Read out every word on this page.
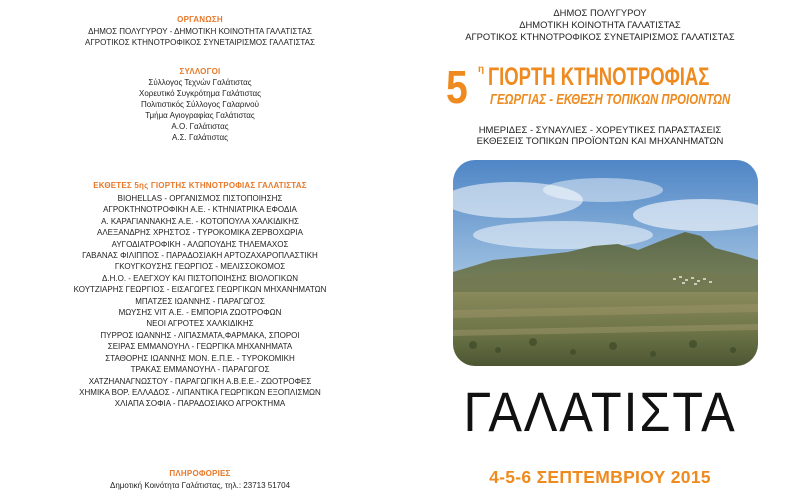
ΟΡΓΑΝΩΣΗ
ΔΗΜΟΣ ΠΟΛΥΓΥΡΟΥ - ΔΗΜΟΤΙΚΗ ΚΟΙΝΟΤΗΤΑ ΓΑΛΑΤΙΣΤΑΣ
ΑΓΡΟΤΙΚΟΣ ΚΤΗΝΟΤΡΟΦΙΚΟΣ ΣΥΝΕΤΑΙΡΙΣΜΟΣ ΓΑΛΑΤΙΣΤΑΣ
ΣΥΛΛΟΓΟΙ
Σύλλογος Τεχνών Γαλάτιστας
Χορευτικό Συγκρότημα Γαλάτιστας
Πολιτιστικός Σύλλογος Γαλαρινού
Τμήμα Αγιογραφίας Γαλάτιστας
Α.Ο. Γαλάτιστας
Α.Σ. Γαλάτιστας
ΕΚΘΕΤΕΣ 5ης ΓΙΟΡΤΗΣ ΚΤΗΝΟΤΡΟΦΙΑΣ ΓΑΛΑΤΙΣΤΑΣ
BIOHELLAS - ΟΡΓΑΝΙΣΜΟΣ ΠΙΣΤΟΠΟΙΗΣΗΣ
ΑΓΡΟΚΤΗΝΟΤΡΟΦΙΚΗ Α.Ε. - ΚΤΗΝΙΑΤΡΙΚΑ ΕΦΟΔΙΑ
Α. ΚΑΡΑΓΙΑΝΝΑΚΗΣ Α.Ε. - ΚΟΤΟΠΟΥΛΑ ΧΑΛΚΙΔΙΚΗΣ
ΑΛΕΞΑΝΔΡΗΣ ΧΡΗΣΤΟΣ - ΤΥΡΟΚΟΜΙΚΑ ΖΕΡΒΟΧΩΡΙΑ
ΑΥΓΟΔΙΑΤΡΟΦΙΚΗ - ΑΛΩΠΟΥΔΗΣ ΤΗΛΕΜΑΧΟΣ
ΓΑΒΑΝΑΣ ΦΙΛΙΠΠΟΣ - ΠΑΡΑΔΟΣΙΑΚΗ ΑΡΤΟΖΑΧΑΡΟΠΛΑΣΤΙΚΗ
ΓΚΟΥΓΚΟΥΣΗΣ ΓΕΩΡΓΙΟΣ - ΜΕΛΙΣΣΟΚΟΜΟΣ
Δ.Η.Ο. - ΕΛΕΓΧΟΥ ΚΑΙ ΠΙΣΤΟΠΟΙΗΣΗΣ ΒΙΟΛΟΓΙΚΩΝ
ΚΟΥΤΖΙΑΡΗΣ ΓΕΩΡΓΙΟΣ - ΕΙΣΑΓΩΓΕΣ ΓΕΩΡΓΙΚΩΝ ΜΗΧΑΝΗΜΑΤΩΝ
ΜΠΑΤΖΕΣ ΙΩΑΝΝΗΣ - ΠΑΡΑΓΩΓΟΣ
ΜΩΥΣΗΣ VIT Α.Ε. - ΕΜΠΟΡΙΑ ΖΩΟΤΡΟΦΩΝ
ΝΕΟΙ ΑΓΡΟΤΕΣ ΧΑΛΚΙΔΙΚΗΣ
ΠΥΡΡΟΣ ΙΩΑΝΝΗΣ - ΛΙΠΑΣΜΑΤΑ,ΦΑΡΜΑΚΑ, ΣΠΟΡΟΙ
ΣΕΙΡΑΣ ΕΜΜΑΝΟΥΗΛ - ΓΕΩΡΓΙΚΑ ΜΗΧΑΝΗΜΑΤΑ
ΣΤΑΘΟΡΗΣ ΙΩΑΝΝΗΣ ΜΟΝ. Ε.Π.Ε. - ΤΥΡΟΚΟΜΙΚΗ
ΤΡΑΚΑΣ ΕΜΜΑΝΟΥΗΛ - ΠΑΡΑΓΩΓΟΣ
ΧΑΤΖΗΑΝΑΓΝΩΣΤΟΥ - ΠΑΡΑΓΩΓΙΚΗ Α.Β.Ε.Ε.- ΖΩΟΤΡΟΦΕΣ
ΧΗΜΙΚΑ ΒΟΡ. ΕΛΛΑΔΟΣ - ΛΙΠΑΝΤΙΚΑ ΓΕΩΡΓΙΚΩΝ ΕΞΟΠΛΙΣΜΩΝ
ΧΛΙΑΠΑ ΣΟΦΙΑ - ΠΑΡΑΔΟΣΙΑΚΟ ΑΓΡΟΚΤΗΜΑ
ΠΛΗΡΟΦΟΡΙΕΣ
Δημοτική Κοινότητα Γαλάτιστας, τηλ.: 23713 51704
ΔΗΜΟΣ ΠΟΛΥΓΥΡΟΥ
ΔΗΜΟΤΙΚΗ ΚΟΙΝΟΤΗΤΑ ΓΑΛΑΤΙΣΤΑΣ
ΑΓΡΟΤΙΚΟΣ ΚΤΗΝΟΤΡΟΦΙΚΟΣ ΣΥΝΕΤΑΙΡΙΣΜΟΣ ΓΑΛΑΤΙΣΤΑΣ
5 η ΓΙΟΡΤΗ ΚΤΗΝΟΤΡΟΦΙΑΣ
ΓΕΩΡΓΙΑΣ - ΕΚΘΕΣΗ ΤΟΠΙΚΩΝ ΠΡΟΙΟΝΤΩΝ
ΗΜΕΡΙΔΕΣ - ΣΥΝΑΥΛΙΕΣ - ΧΟΡΕΥΤΙΚΕΣ ΠΑΡΑΣΤΑΣΕΙΣ
ΕΚΘΕΣΕΙΣ ΤΟΠΙΚΩΝ ΠΡΟΪΟΝΤΩΝ ΚΑΙ ΜΗΧΑΝΗΜΑΤΩΝ
ΓΑΛΑΤΙΣΤΑ
4-5-6 ΣΕΠΤΕΜΒΡΙΟΥ 2015
